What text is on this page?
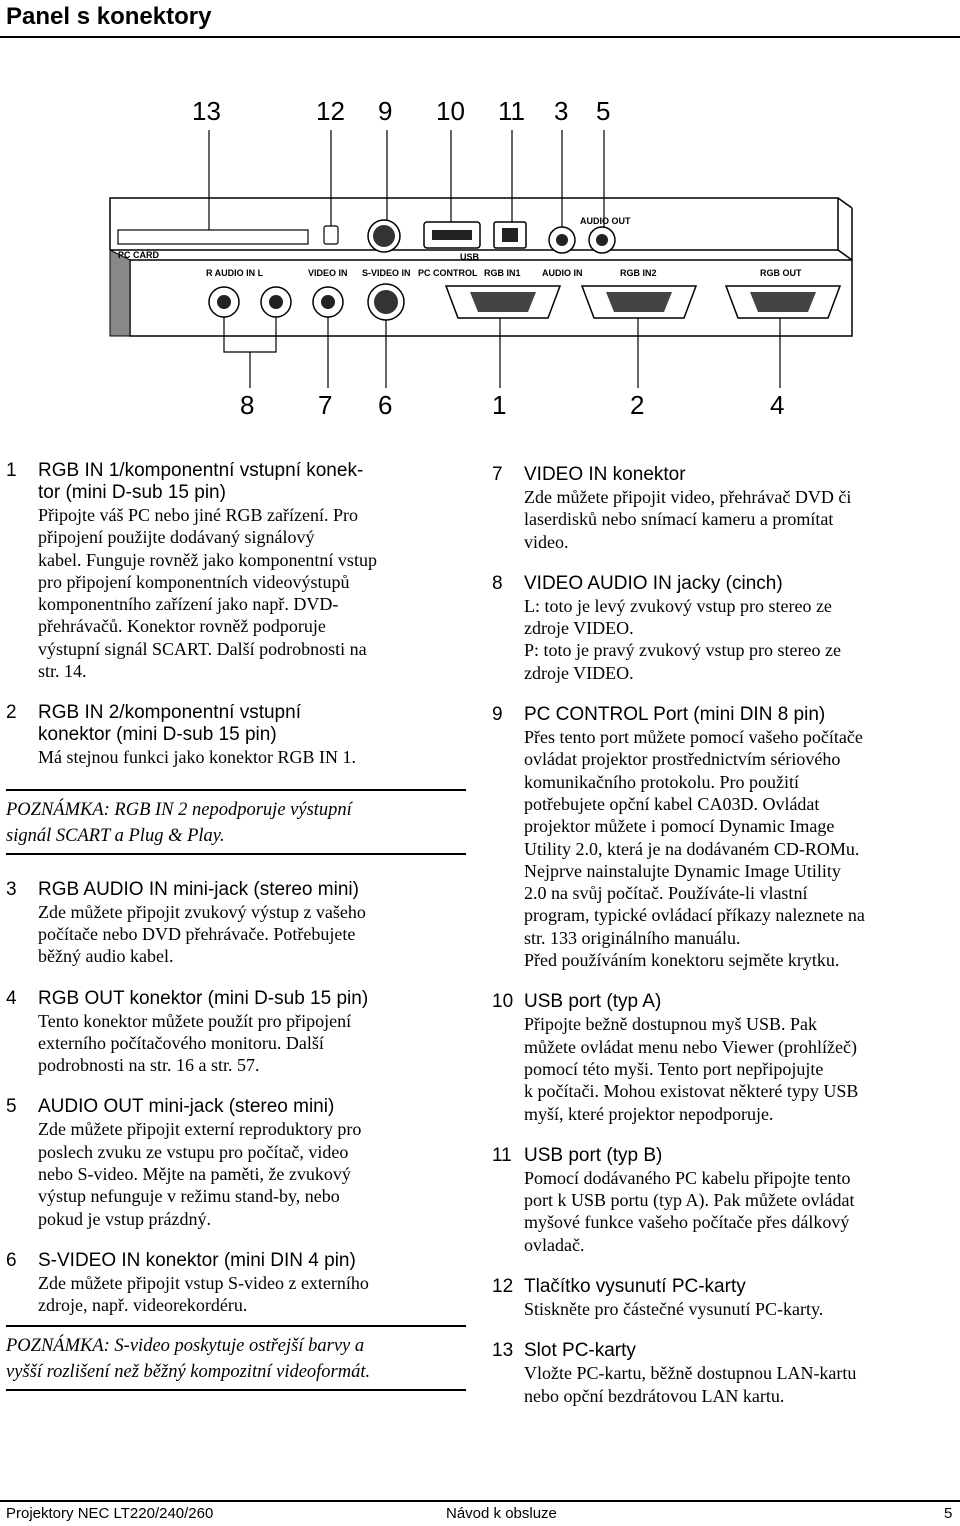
Panel s konektory
13	12 9 10 11 3 5
PC CARD
R AUDIO IN L	VIDEO IN S-VIDEO IN PC CONTROL
USB
RGB IN1 AUDIO IN	RGB IN2
AUDIO OUT
RGB OUT
8 7 6	1	2	4
1 RGB IN 1/komponentní vstupní konek-
tor (mini D-sub 15 pin)
Připojte váš PC nebo jiné RGB zařízení. Pro
připojení použijte dodávaný signálový
kabel. Funguje rovněž jako komponentní vstup
pro připojení komponentních videovýstupů
komponentního zařízení jako např. DVD-
přehrávačů. Konektor rovněž podporuje
výstupní signál SCART. Další podrobnosti na
str. 14.
2 RGB IN 2/komponentní vstupní
konektor (mini D-sub 15 pin)
Má stejnou funkci jako konektor RGB IN 1.
POZNÁMKA: RGB IN 2 nepodporuje výstupní
signál SCART a Plug & Play.
3 RGB AUDIO IN mini-jack (stereo mini)
Zde můžete připojit zvukový výstup z vašeho
počítače nebo DVD přehrávače. Potřebujete
běžný audio kabel.
4 RGB OUT konektor (mini D-sub 15 pin)
Tento konektor můžete použít pro připojení
externího počítačového monitoru. Další
podrobnosti na str. 16 a str. 57.
5 AUDIO OUT mini-jack (stereo mini)
Zde můžete připojit externí reproduktory pro
poslech zvuku ze vstupu pro počítač, video
nebo S-video. Mějte na paměti, že zvukový
výstup nefunguje v režimu stand-by, nebo
pokud je vstup prázdný.
6 S-VIDEO IN konektor (mini DIN 4 pin)
Zde můžete připojit vstup S-video z externího
zdroje, např. videorekordéru.
POZNÁMKA: S-video poskytuje ostřejší barvy a
vyšší rozlišení než běžný kompozitní videoformát.
7 VIDEO IN konektor
Zde můžete připojit video, přehrávač DVD či
laserdisků nebo snímací kameru a promítat
video.
8 VIDEO AUDIO IN jacky (cinch)
L: toto je levý zvukový vstup pro stereo ze
zdroje VIDEO.
P: toto je pravý zvukový vstup pro stereo ze
zdroje VIDEO.
9 PC CONTROL Port (mini DIN 8 pin)
Přes tento port můžete pomocí vašeho počítače
ovládat projektor prostřednictvím sériového
komunikačního protokolu. Pro použití
potřebujete opční kabel CA03D. Ovládat
projektor můžete i pomocí Dynamic Image
Utility 2.0, která je na dodávaném CD-ROMu.
Nejprve nainstalujte Dynamic Image Utility
2.0 na svůj počítač. Používáte-li vlastní
program, typické ovládací příkazy naleznete na
str. 133 originálního manuálu.
Před používáním konektoru sejměte krytku.
10 USB port (typ A)
Připojte bežně dostupnou myš USB. Pak
můžete ovládat menu nebo Viewer (prohlížeč)
pomocí této myši. Tento port nepřipojujte
k počítači. Mohou existovat některé typy USB
myší, které projektor nepodporuje.
11 USB port (typ B)
Pomocí dodávaného PC kabelu připojte tento
port k USB portu (typ A). Pak můžete ovládat
myšové funkce vašeho počítače přes dálkový
ovladač.
12 Tlačítko vysunutí PC-karty
Stiskněte pro částečné vysunutí PC-karty.
13 Slot PC-karty
Vložte PC-kartu, běžně dostupnou LAN-kartu
nebo opční bezdrátovou LAN kartu.
Projektory NEC LT220/240/260	Návod k obsluze	5
